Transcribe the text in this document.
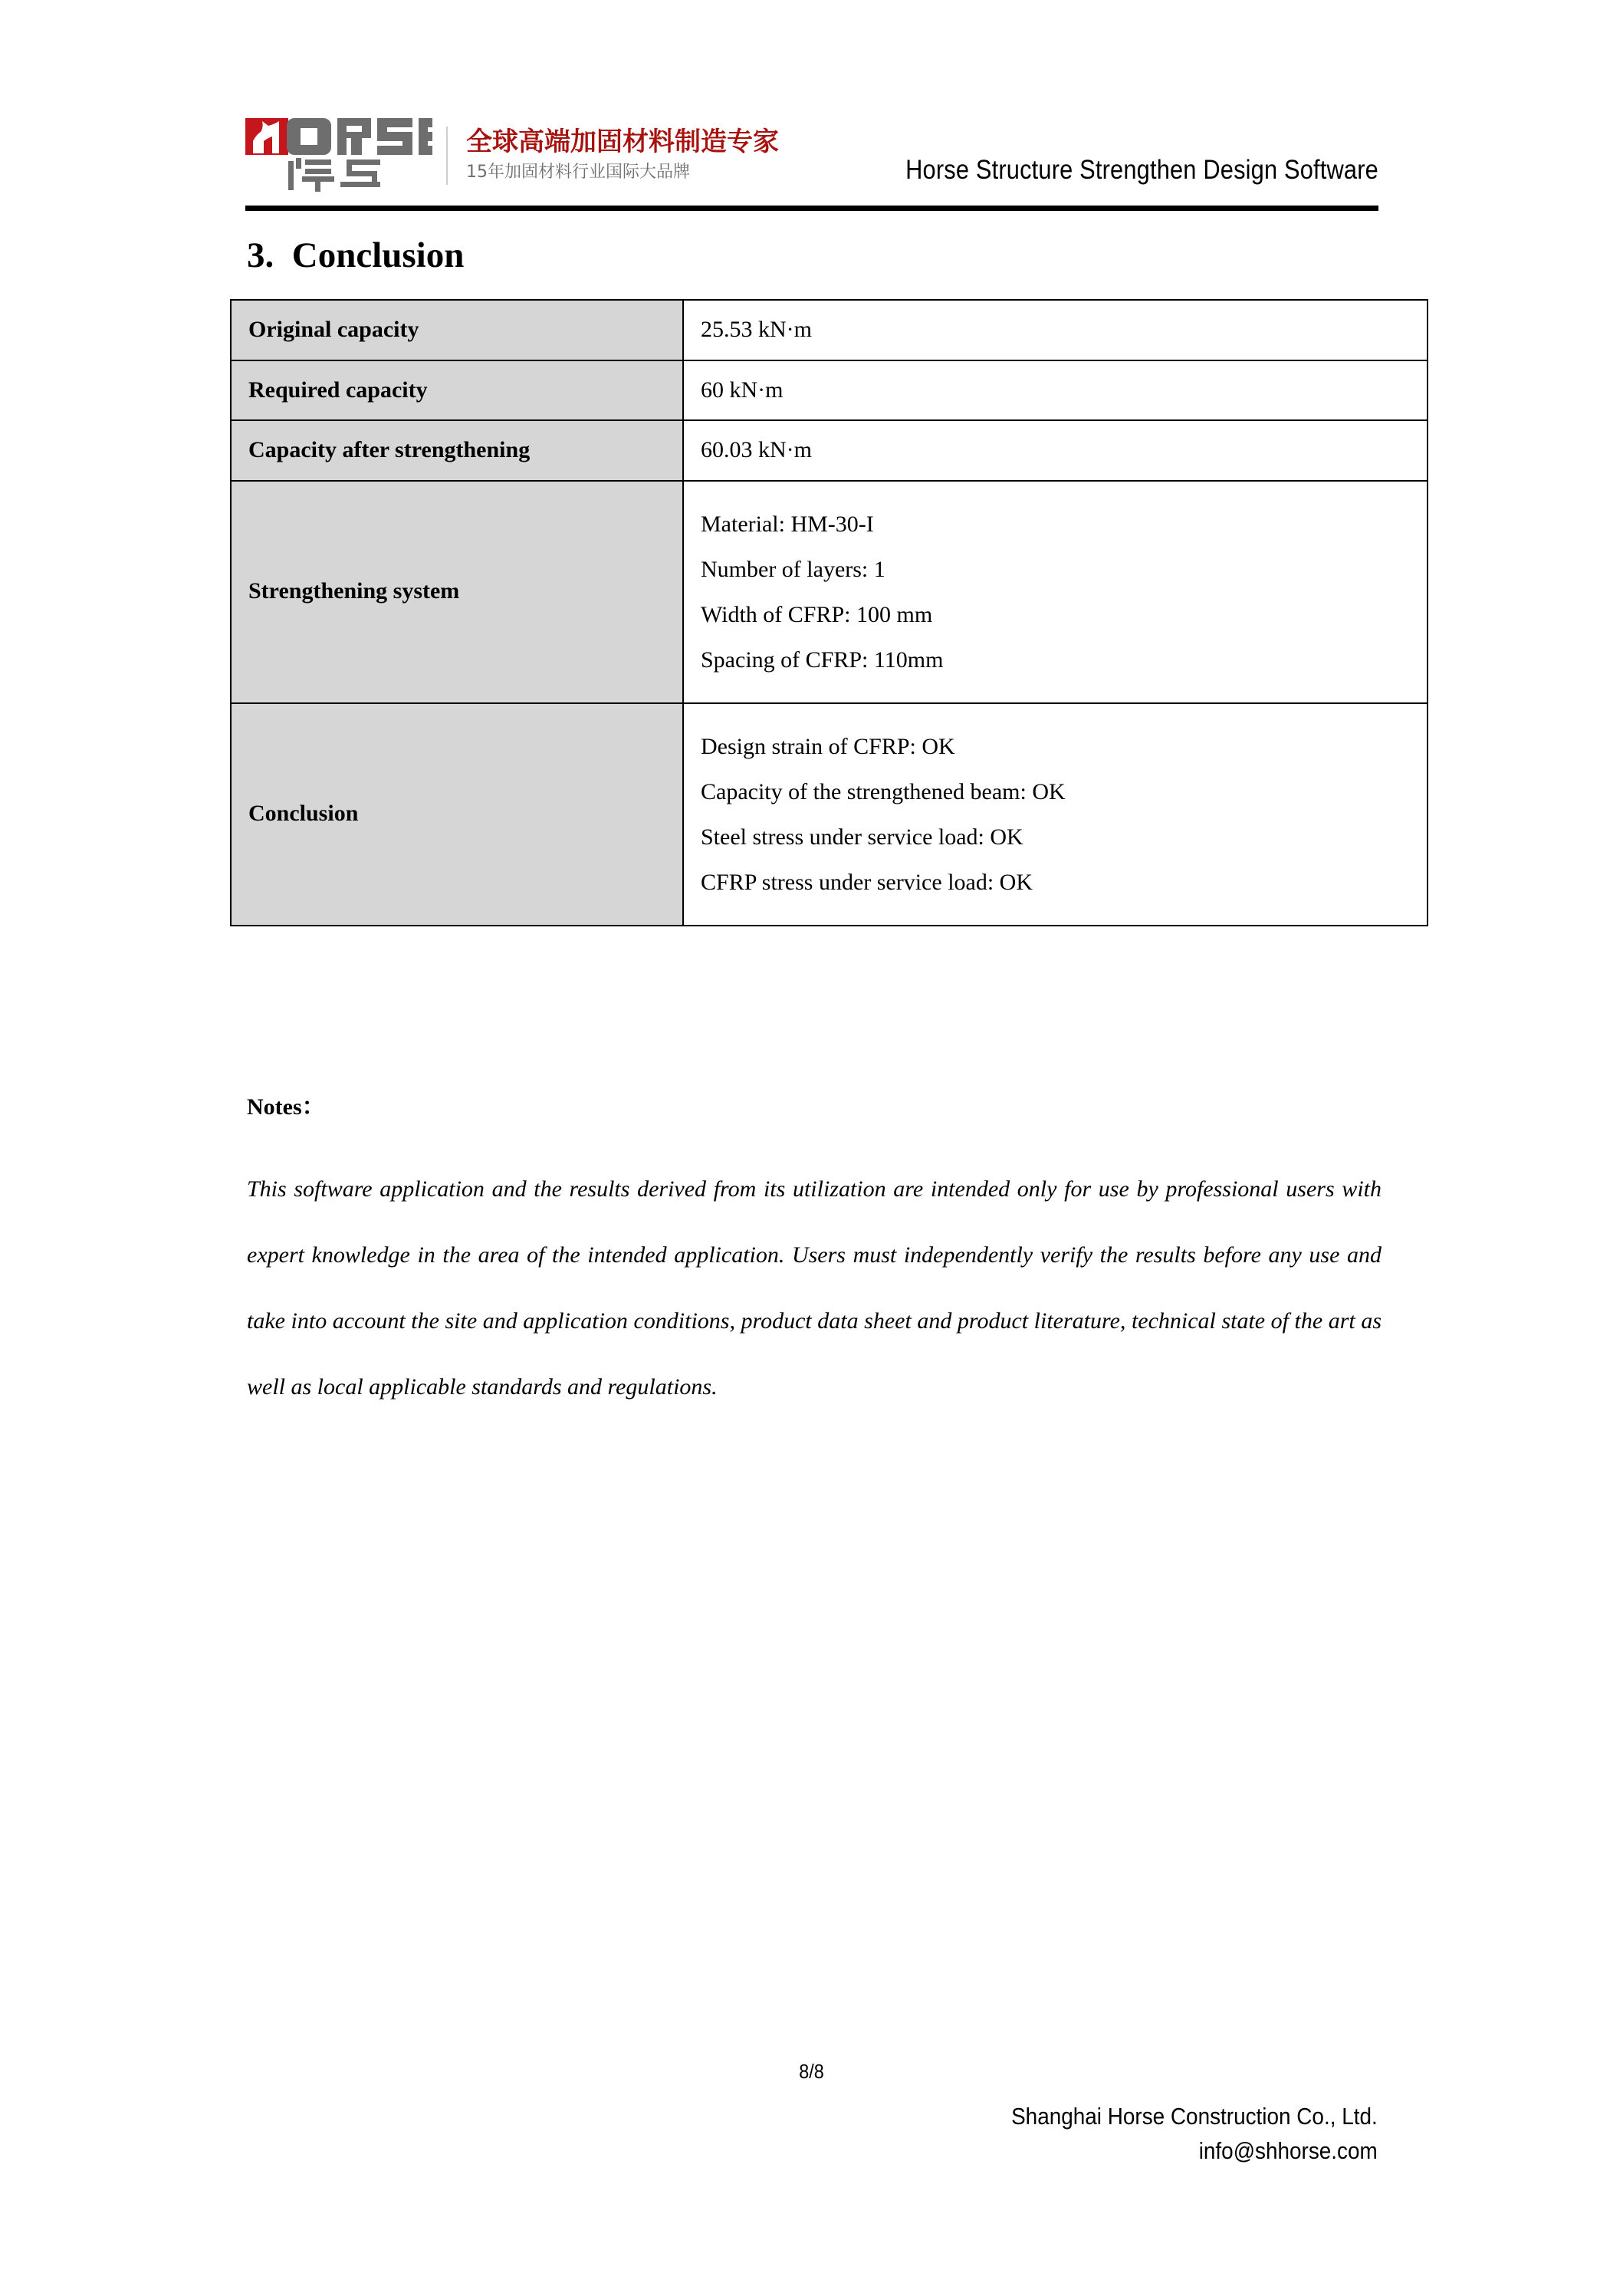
全球高端加固材料制造专家
15年加固材料行业国际大品牌	Horse Structure Strengthen Design Software
3.  Conclusion
Original capacity	25.53 kN·m
Required capacity	60 kN·m
Capacity after strengthening	60.03 kN·m
Strengthening system	Material: HM-30-I
Number of layers: 1
Width of CFRP: 100 mm
Spacing of CFRP: 110mm

Conclusion	Design strain of CFRP: OK
Capacity of the strengthened beam: OK
Steel stress under service load: OK
CFRP stress under service load: OK
Notes：
This software application and the results derived from its utilization are intended only for use by professional users with expert knowledge in the area of the intended application. Users must independently verify the results before any use and take into account the site and application conditions, product data sheet and product literature, technical state of the art as well as local applicable standards and regulations.
8/8
Shanghai Horse Construction Co., Ltd.
info@shhorse.com
